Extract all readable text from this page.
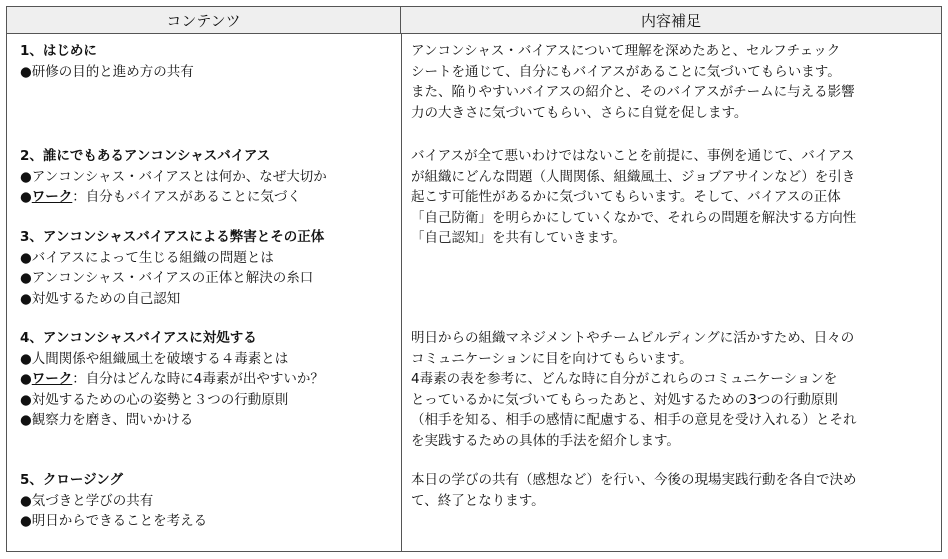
コンテンツ	内容補足
1、はじめに
● 研修の目的と進め方の共有
アンコンシャス・バイアスについて理解を深めたあと、セルフチェック
シートを通じて、自分にもバイアスがあることに気づいてもらいます。
また、陥りやすいバイアスの紹介と、そのバイアスがチームに与える影響
力の大きさに気づいてもらい、さらに自覚を促します。
2、誰にでもあるアンコンシャスバイアス
● アンコンシャス・バイアスとは何か、なぜ大切か
● ワーク：自分もバイアスがあることに気づく
バイアスが全て悪いわけではないことを前提に、事例を通じて、バイアス
が組織にどんな問題（人間関係、組織風土、ジョブアサインなど）を引き
起こす可能性があるかに気づいてもらいます。そして、バイアスの正体
「自己防衛」を明らかにしていくなかで、それらの問題を解決する方向性
「自己認知」を共有していきます。
3、アンコンシャスバイアスによる弊害とその正体
● バイアスによって生じる組織の問題とは
● アンコンシャス・バイアスの正体と解決の糸口
● 対処するための自己認知
4、アンコンシャスバイアスに対処する
● 人間関係や組織風土を破壊する４毒素とは
● ワーク：自分はどんな時に4毒素が出やすいか？
● 対処するための心の姿勢と３つの行動原則
● 観察力を磨き、問いかける
明日からの組織マネジメントやチームビルディングに活かすため、日々の
コミュニケーションに目を向けてもらいます。
4毒素の表を参考に、どんな時に自分がこれらのコミュニケーションを
とっているかに気づいてもらったあと、対処するための3つの行動原則
（相手を知る、相手の感情に配慮する、相手の意見を受け入れる）とそれ
を実践するための具体的手法を紹介します。
5、クロージング
● 気づきと学びの共有
● 明日からできることを考える
本日の学びの共有（感想など）を行い、今後の現場実践行動を各自で決め
て、終了となります。
